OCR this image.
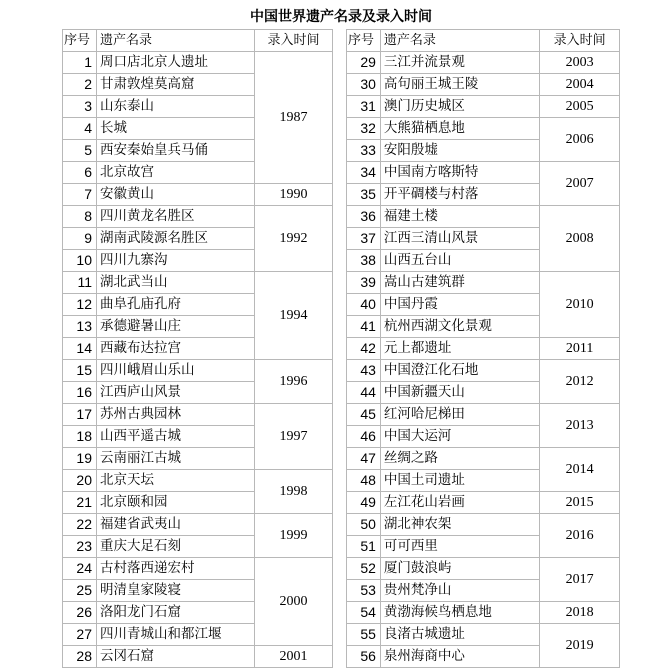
中国世界遗产名录及录入时间
序号	遗产名录	录入时间
1	周口店北京人遗址	1987
2	甘肃敦煌莫高窟	
3	山东泰山	
4	长城	
5	西安秦始皇兵马俑	
6	北京故宫	
7	安徽黄山	1990
8	四川黄龙名胜区	1992
9	湖南武陵源名胜区	
10	四川九寨沟	
11	湖北武当山	1994
12	曲阜孔庙孔府	
13	承德避暑山庄	
14	西藏布达拉宫	
15	四川峨眉山乐山	1996
16	江西庐山风景	
17	苏州古典园林	1997
18	山西平遥古城	
19	云南丽江古城	
20	北京天坛	1998
21	北京颐和园	
22	福建省武夷山	1999
23	重庆大足石刻	
24	古村落西递宏村	2000
25	明清皇家陵寝	
26	洛阳龙门石窟	
27	四川青城山和都江堰	
28	云冈石窟	2001
序号	遗产名录	录入时间
29	三江并流景观	2003
30	高句丽王城王陵	2004
31	澳门历史城区	2005
32	大熊猫栖息地	2006
33	安阳殷墟	
34	中国南方喀斯特	2007
35	开平碉楼与村落	
36	福建土楼	2008
37	江西三清山风景	
38	山西五台山	
39	嵩山古建筑群	2010
40	中国丹霞	
41	杭州西湖文化景观	
42	元上都遗址	2011
43	中国澄江化石地	2012
44	中国新疆天山	
45	红河哈尼梯田	2013
46	中国大运河	
47	丝绸之路	2014
48	中国土司遗址	
49	左江花山岩画	2015
50	湖北神农架	2016
51	可可西里	
52	厦门鼓浪屿	2017
53	贵州梵净山	
54	黄渤海候鸟栖息地	2018
55	良渚古城遗址	2019
56	泉州海商中心	
